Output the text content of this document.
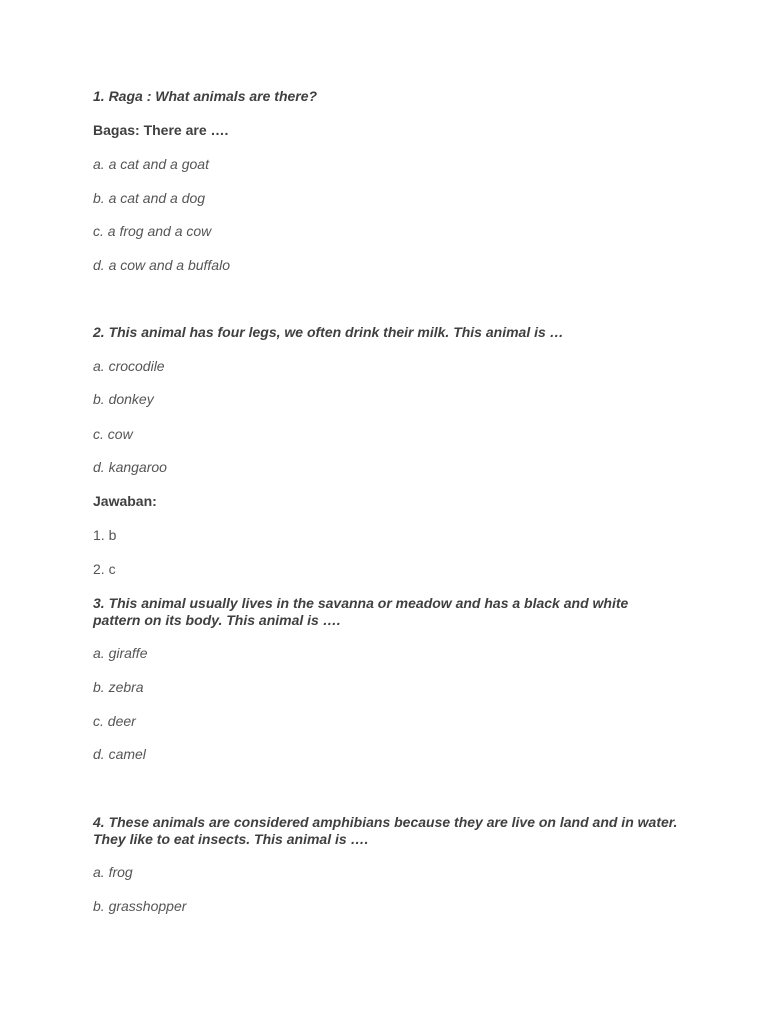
1. Raga : What animals are there?

Bagas: There are ….

a. a cat and a goat

b. a cat and a dog

c. a frog and a cow

d. a cow and a buffalo

2. This animal has four legs, we often drink their milk. This animal is …

a. crocodile

b. donkey

c. cow

d. kangaroo

Jawaban:

1. b

2. c

3. This animal usually lives in the savanna or meadow and has a black and white pattern on its body. This animal is ….

a. giraffe

b. zebra

c. deer

d. camel

4. These animals are considered amphibians because they are live on land and in water. They like to eat insects. This animal is ….

a. frog

b. grasshopper
